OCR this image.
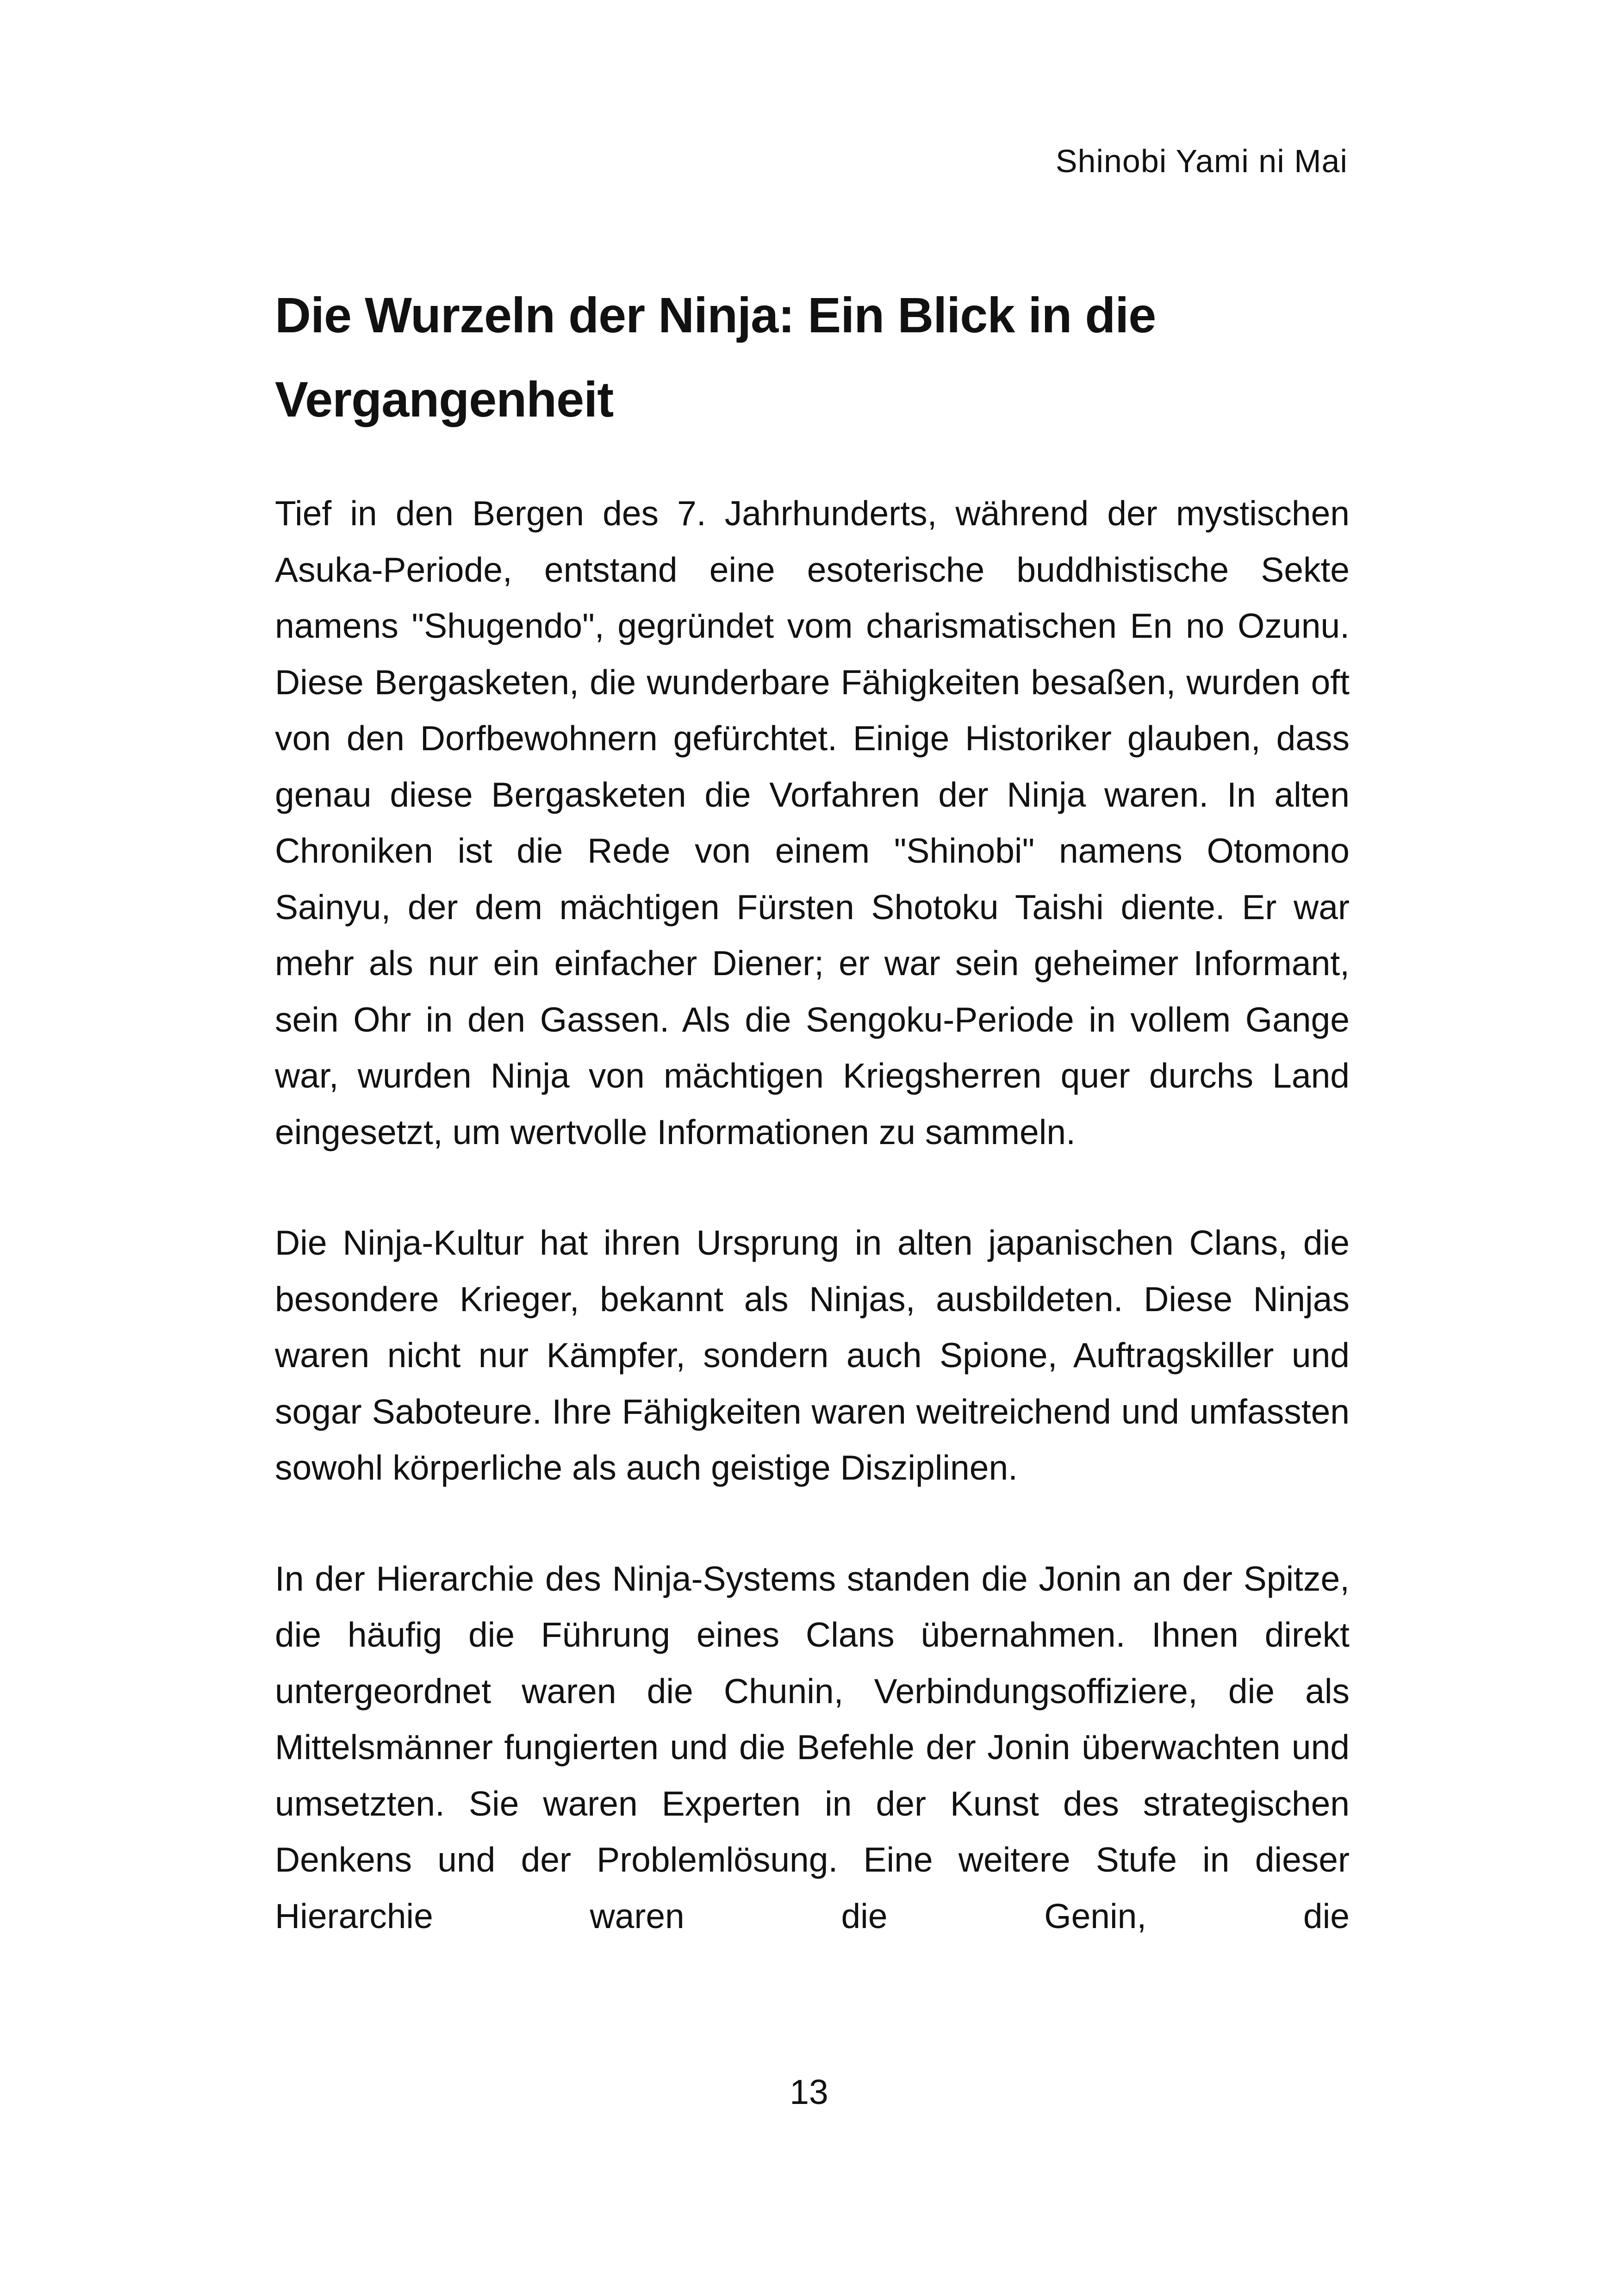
Shinobi Yami ni Mai
Die Wurzeln der Ninja: Ein Blick in die Vergangenheit

Tief in den Bergen des 7. Jahrhunderts, während der mystischen Asuka-Periode, entstand eine esoterische buddhistische Sekte namens "Shugendo", gegründet vom charismatischen En no Ozunu. Diese Bergasketen, die wunderbare Fähigkeiten besaßen, wurden oft von den Dorfbewohnern gefürchtet. Einige Historiker glauben, dass genau diese Bergasketen die Vorfahren der Ninja waren. In alten Chroniken ist die Rede von einem "Shinobi" namens Otomono Sainyu, der dem mächtigen Fürsten Shotoku Taishi diente. Er war mehr als nur ein einfacher Diener; er war sein geheimer Informant, sein Ohr in den Gassen. Als die Sengoku-Periode in vollem Gange war, wurden Ninja von mächtigen Kriegsherren quer durchs Land eingesetzt, um wertvolle Informationen zu sammeln.

Die Ninja-Kultur hat ihren Ursprung in alten japanischen Clans, die besondere Krieger, bekannt als Ninjas, ausbildeten. Diese Ninjas waren nicht nur Kämpfer, sondern auch Spione, Auftragskiller und sogar Saboteure. Ihre Fähigkeiten waren weitreichend und umfassten sowohl körperliche als auch geistige Disziplinen.

In der Hierarchie des Ninja-Systems standen die Jonin an der Spitze, die häufig die Führung eines Clans übernahmen. Ihnen direkt untergeordnet waren die Chunin, Verbindungsoffiziere, die als Mittelsmänner fungierten und die Befehle der Jonin überwachten und umsetzten. Sie waren Experten in der Kunst des strategischen Denkens und der Problemlösung. Eine weitere Stufe in dieser Hierarchie waren die Genin, die

13
